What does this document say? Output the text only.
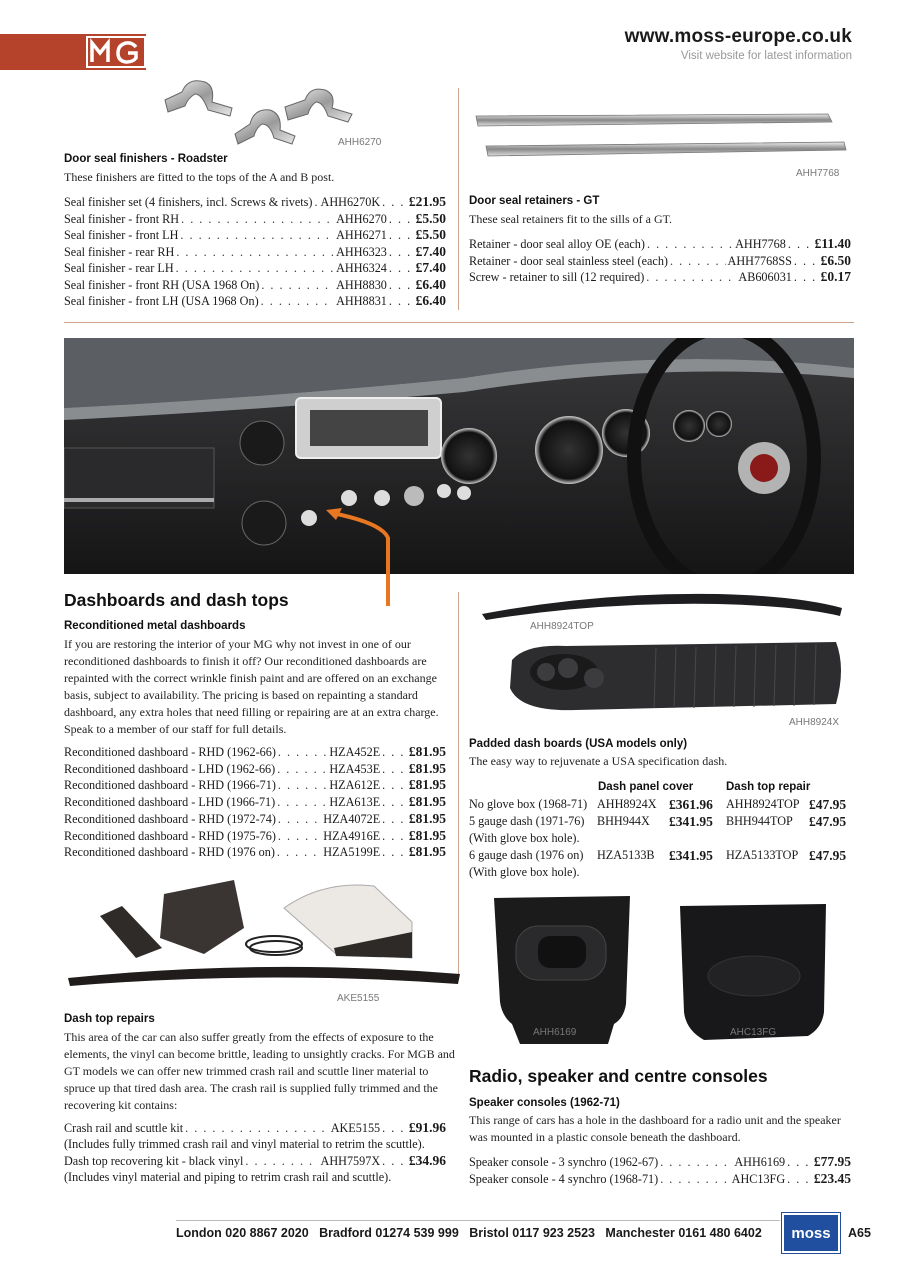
www.moss-europe.co.uk
Visit website for latest information
AHH6270
Door seal finishers - Roadster
These finishers are fitted to the tops of the A and B post.
Seal finisher set (4 finishers, incl. Screws & rivets) . . . AHH6270K . . . £21.95
Seal finisher - front RH . . .	AHH6270 . . . £5.50
Seal finisher - front LH . . .	AHH6271 . . . £5.50
Seal finisher - rear RH . . .	AHH6323 . . . £7.40
Seal finisher - rear LH . . .	AHH6324 . . . £7.40
Seal finisher - front RH (USA 1968 On) . . .	AHH8830 . . . £6.40
Seal finisher - front LH (USA 1968 On) . . .	AHH8831 . . . £6.40
AHH7768
Door seal retainers - GT
These seal retainers fit to the sills of a GT.
Retainer - door seal alloy OE (each) . . .	AHH7768 . . . £11.40
Retainer - door seal stainless steel (each) . . .	AHH7768SS . . . £6.50
Screw - retainer to sill (12 required) . . .	AB606031 . . . £0.17
Dashboards and dash tops
Reconditioned metal dashboards
If you are restoring the interior of your MG why not invest in one of our reconditioned dashboards to finish it off? Our reconditioned dashboards are repainted with the correct wrinkle finish paint and are offered on an exchange basis, subject to availability. The pricing is based on repainting a standard dashboard, any extra holes that need filling or repairing are at an extra charge. Speak to a member of our staff for full details.
Reconditioned dashboard - RHD (1962-66) . . .	HZA452E . . . £81.95
Reconditioned dashboard - LHD (1962-66) . . .	HZA453E . . . £81.95
Reconditioned dashboard - RHD (1966-71) . . .	HZA612E . . . £81.95
Reconditioned dashboard - LHD (1966-71) . . .	HZA613E . . . £81.95
Reconditioned dashboard - RHD (1972-74) . . .	HZA4072E . . . £81.95
Reconditioned dashboard - RHD (1975-76) . . .	HZA4916E . . . £81.95
Reconditioned dashboard - RHD (1976 on) . . .	HZA5199E . . . £81.95
AHH8924TOP
AHH8924X
Padded dash boards (USA models only)
The easy way to rejuvenate a USA specification dash.
Dash panel cover	Dash top repair
No glove box (1968-71) AHH8924X £361.96 AHH8924TOP £47.95
5 gauge dash (1971-76) BHH944X £341.95 BHH944TOP £47.95
(With glove box hole).
6 gauge dash (1976 on) HZA5133B £341.95 HZA5133TOP £47.95
(With glove box hole).
AKE5155
Dash top repairs
This area of the car can also suffer greatly from the effects of exposure to the elements, the vinyl can become brittle, leading to unsightly cracks. For MGB and GT models we can offer new trimmed crash rail and scuttle liner material to spruce up that tired dash area. The crash rail is supplied fully trimmed and the recovering kit contains:
Crash rail and scuttle kit . . .	AKE5155 . . . £91.96
(Includes fully trimmed crash rail and vinyl material to retrim the scuttle).
Dash top recovering kit - black vinyl . . .	AHH7597X . . . £34.96
(Includes vinyl material and piping to retrim crash rail and scuttle).
AHH6169	AHC13FG
Radio, speaker and centre consoles
Speaker consoles (1962-71)
This range of cars has a hole in the dashboard for a radio unit and the speaker was mounted in a plastic console beneath the dashboard.
Speaker console - 3 synchro (1962-67) . . .	AHH6169 . . . £77.95
Speaker console - 4 synchro (1968-71) . . .	AHC13FG . . . £23.45
London 020 8867 2020   Bradford 01274 539 999   Bristol 0117 923 2523   Manchester 0161 480 6402	moss	A65
